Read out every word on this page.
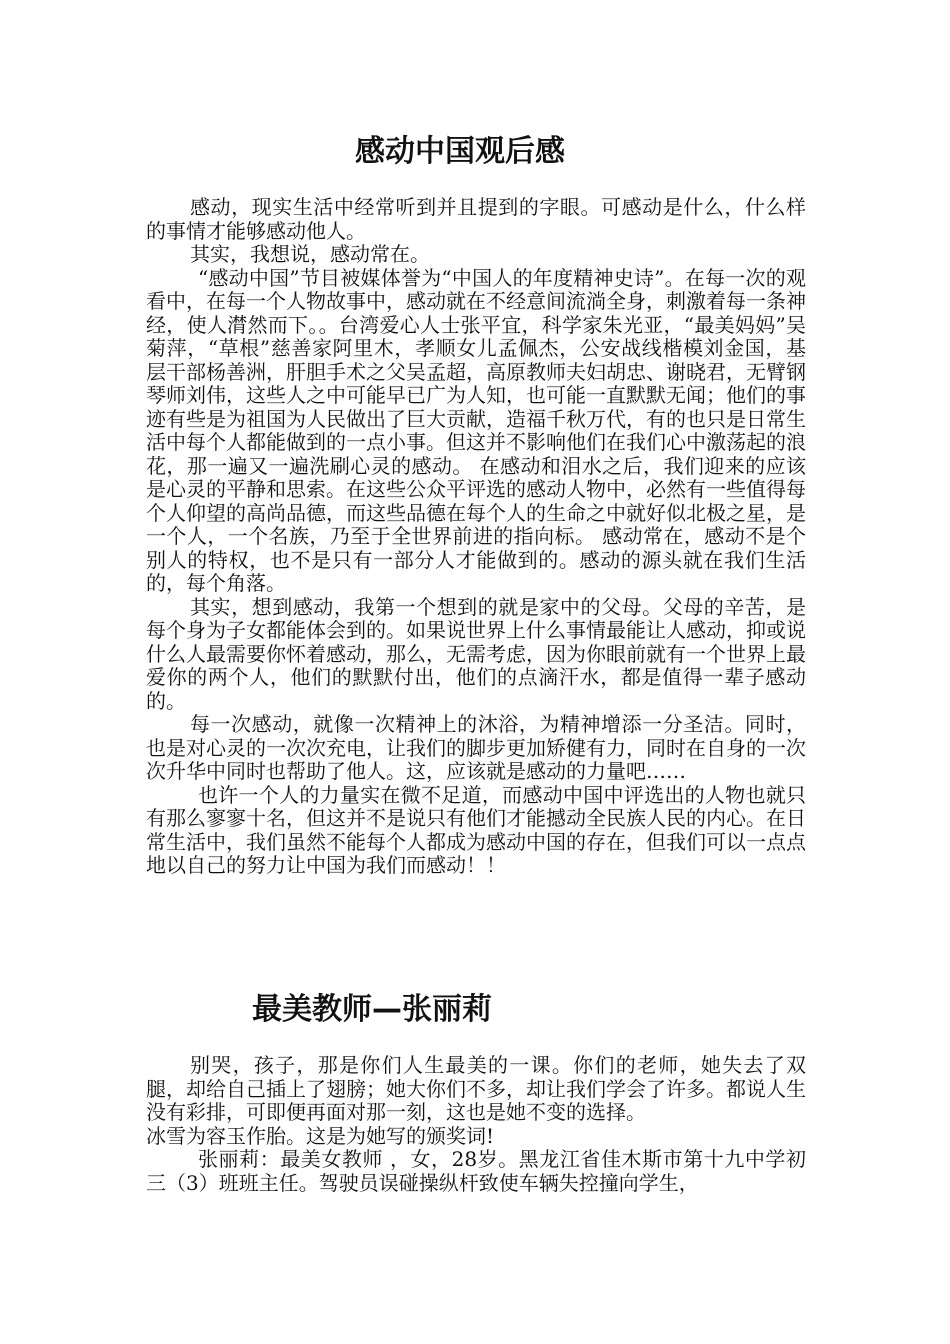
感动中国观后感

感动，现实生活中经常听到并且提到的字眼。可感动是什么，什么样的事情才能够感动他人。

其实，我想说，感动常在。

“感动中国”节目被媒体誉为“中国人的年度精神史诗”。在每一次的观看中，在每一个人物故事中，感动就在不经意间流淌全身，刺激着每一条神经，使人潸然而下。。台湾爱心人士张平宜，科学家朱光亚，“最美妈妈”吴菊萍，“草根”慈善家阿里木，孝顺女儿孟佩杰，公安战线楷模刘金国，基层干部杨善洲，肝胆手术之父吴孟超，高原教师夫妇胡忠、谢晓君，无臂钢琴师刘伟，这些人之中可能早已广为人知，也可能一直默默无闻；他们的事迹有些是为祖国为人民做出了巨大贡献，造福千秋万代，有的也只是日常生活中每个人都能做到的一点小事。但这并不影响他们在我们心中激荡起的浪花，那一遍又一遍洗刷心灵的感动。 在感动和泪水之后，我们迎来的应该是心灵的平静和思索。在这些公众平评选的感动人物中，必然有一些值得每个人仰望的高尚品德，而这些品德在每个人的生命之中就好似北极之星，是一个人，一个名族，乃至于全世界前进的指向标。 感动常在，感动不是个别人的特权，也不是只有一部分人才能做到的。感动的源头就在我们生活的，每个角落。

其实，想到感动，我第一个想到的就是家中的父母。父母的辛苦，是每个身为子女都能体会到的。如果说世界上什么事情最能让人感动，抑或说什么人最需要你怀着感动，那么，无需考虑，因为你眼前就有一个世界上最爱你的两个人，他们的默默付出，他们的点滴汗水，都是值得一辈子感动的。

每一次感动，就像一次精神上的沐浴，为精神增添一分圣洁。同时，也是对心灵的一次次充电，让我们的脚步更加矫健有力，同时在自身的一次次升华中同时也帮助了他人。这，应该就是感动的力量吧……

也许一个人的力量实在微不足道，而感动中国中评选出的人物也就只有那么寥寥十名，但这并不是说只有他们才能撼动全民族人民的内心。在日常生活中，我们虽然不能每个人都成为感动中国的存在，但我们可以一点点地以自己的努力让中国为我们而感动！！

最美教师—张丽莉

别哭，孩子，那是你们人生最美的一课。你们的老师，她失去了双腿，却给自己插上了翅膀；她大你们不多，却让我们学会了许多。都说人生没有彩排，可即便再面对那一刻，这也是她不变的选择。

冰雪为容玉作胎。这是为她写的颁奖词!

张丽莉：最美女教师 ，女，28岁。黑龙江省佳木斯市第十九中学初三（3）班班主任。驾驶员误碰操纵杆致使车辆失控撞向学生，
